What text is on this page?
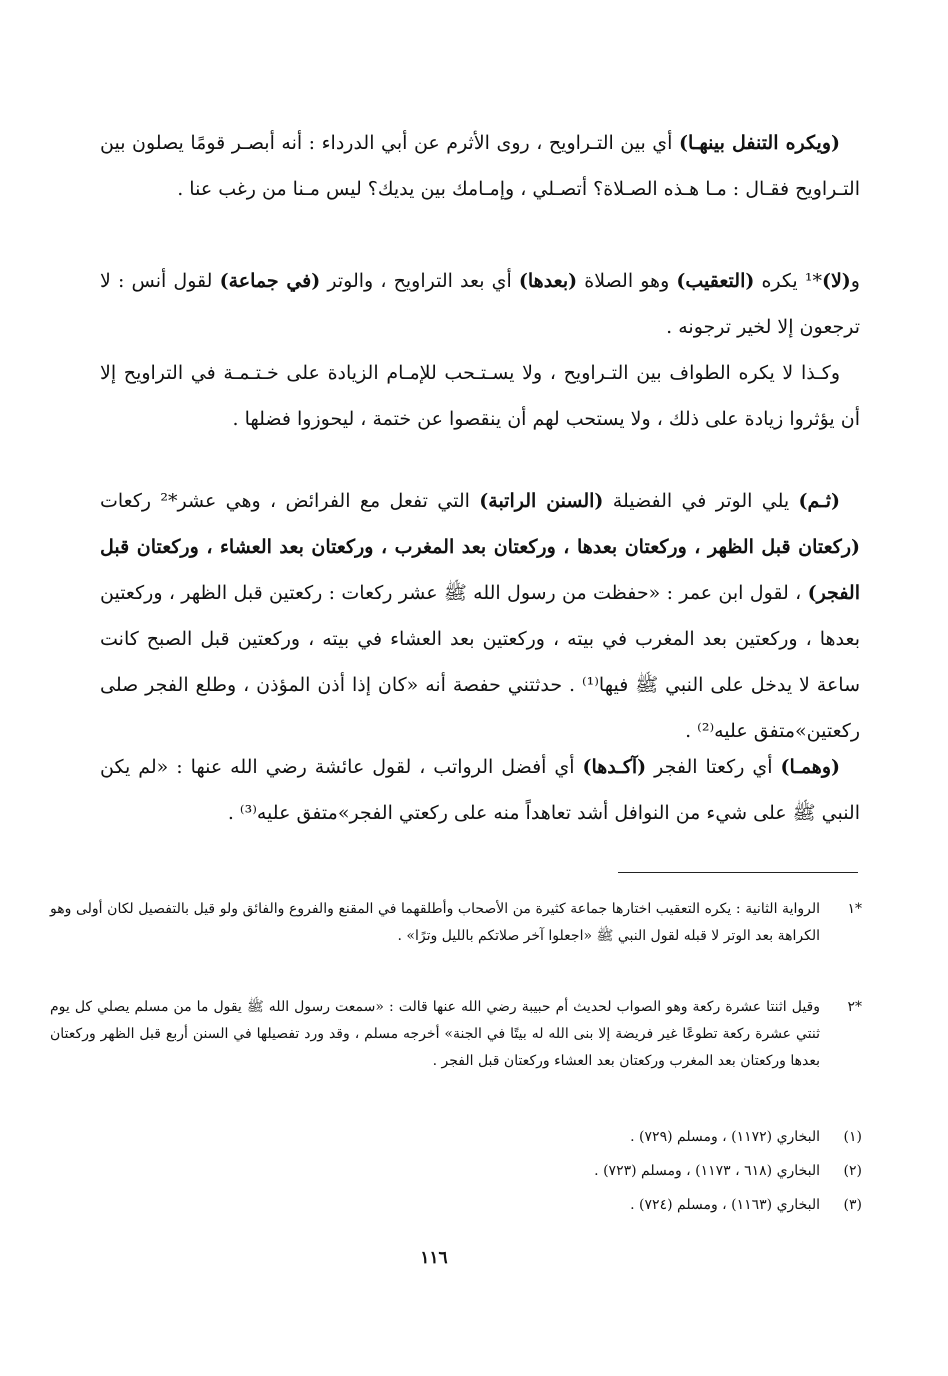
(ويكره التنفل بينهـا) أي بين التـراويح ، روى الأثرم عن أبي الدرداء : أنه أبصـر قومًا يصلون بين التـراويح فقـال : مـا هـذه الصـلاة؟ أتصـلي ، وإمـامك بين يديك؟ ليس مـنا من رغب عنا .
و(لا)*¹ يكره (التعقيب) وهو الصلاة (بعدها) أي بعد التراويح ، والوتر (في جماعة) لقول أنس : لا ترجعون إلا لخير ترجونه .
وكـذا لا يكره الطواف بين التـراويح ، ولا يسـتـحب للإمـام الزيادة على خـتـمـة في التراويح إلا أن يؤثروا زيادة على ذلك ، ولا يستحب لهم أن ينقصوا عن ختمة ، ليحوزوا فضلها .
(ثـم) يلي الوتر في الفضيلة (السنن الراتبة) التي تفعل مع الفرائض ، وهي عشر*² ركعات (ركعتان قبل الظهر ، وركعتان بعدها ، وركعتان بعد المغرب ، وركعتان بعد العشاء ، وركعتان قبل الفجر) ، لقول ابن عمر : «حفظت من رسول الله ﷺ عشر ركعات : ركعتين قبل الظهر ، وركعتين بعدها ، وركعتين بعد المغرب في بيته ، وركعتين بعد العشاء في بيته ، وركعتين قبل الصبح كانت ساعة لا يدخل على النبي ﷺ فيها⁽¹⁾ . حدثتني حفصة أنه «كان إذا أذن المؤذن ، وطلع الفجر صلى ركعتين»متفق عليه⁽²⁾ .
(وهمـا) أي ركعتا الفجر (آكـدها) أي أفضل الرواتب ، لقول عائشة رضي الله عنها : «لم يكن النبي ﷺ على شيء من النوافل أشد تعاهداً منه على ركعتي الفجر»متفق عليه⁽³⁾ .
*١
الرواية الثانية : يكره التعقيب اختارها جماعة كثيرة من الأصحاب وأطلقهما في المقنع والفروع والفائق ولو قيل بالتفصيل لكان أولى وهو الكراهة بعد الوتر لا قبله لقول النبي ﷺ «اجعلوا آخر صلاتكم بالليل وترًا» .
*٢
وقيل اثنتا عشرة ركعة وهو الصواب لحديث أم حبيبة رضي الله عنها قالت : «سمعت رسول الله ﷺ يقول ما من مسلم يصلي كل يوم ثنتي عشرة ركعة تطوعًا غير فريضة إلا بنى الله له بيتًا في الجنة» أخرجه مسلم ، وقد ورد تفصيلها في السنن أربع قبل الظهر وركعتان بعدها وركعتان بعد المغرب وركعتان بعد العشاء وركعتان قبل الفجر .
(١)
البخاري (١١٧٢) ، ومسلم (٧٢٩) .
(٢)
البخاري (٦١٨ ، ١١٧٣) ، ومسلم (٧٢٣) .
(٣)
البخاري (١١٦٣) ، ومسلم (٧٢٤) .
١١٦
